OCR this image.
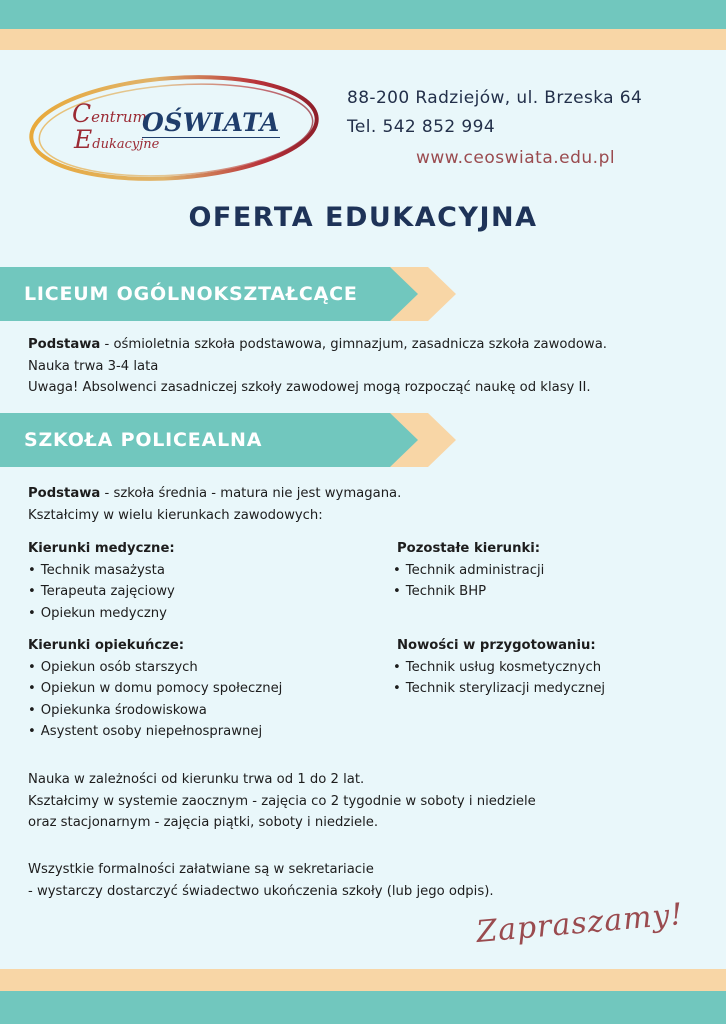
Centrum
Edukacyjne
OŚWIATA
88-200 Radziejów, ul. Brzeska 64
Tel. 542 852 994
www.ceoswiata.edu.pl
OFERTA EDUKACYJNA
LICEUM OGÓLNOKSZTAŁCĄCE
Podstawa - ośmioletnia szkoła podstawowa, gimnazjum, zasadnicza szkoła zawodowa.
Nauka trwa 3-4 lata
Uwaga! Absolwenci zasadniczej szkoły zawodowej mogą rozpocząć naukę od klasy II.
SZKOŁA POLICEALNA
Podstawa - szkoła średnia - matura nie jest wymagana.
Kształcimy w wielu kierunkach zawodowych:
Kierunki medyczne:
• Technik masażysta
• Terapeuta zajęciowy
• Opiekun medyczny
Pozostałe kierunki:
• Technik administracji
• Technik BHP
Kierunki opiekuńcze:
• Opiekun osób starszych
• Opiekun w domu pomocy społecznej
• Opiekunka środowiskowa
• Asystent osoby niepełnosprawnej
Nowości w przygotowaniu:
• Technik usług kosmetycznych
• Technik sterylizacji medycznej
Nauka w zależności od kierunku trwa od 1 do 2 lat.
Kształcimy w systemie zaocznym - zajęcia co 2 tygodnie w soboty i niedziele
oraz stacjonarnym - zajęcia piątki, soboty i niedziele.
Wszystkie formalności załatwiane są w sekretariacie
- wystarczy dostarczyć świadectwo ukończenia szkoły (lub jego odpis).
Zapraszamy!
